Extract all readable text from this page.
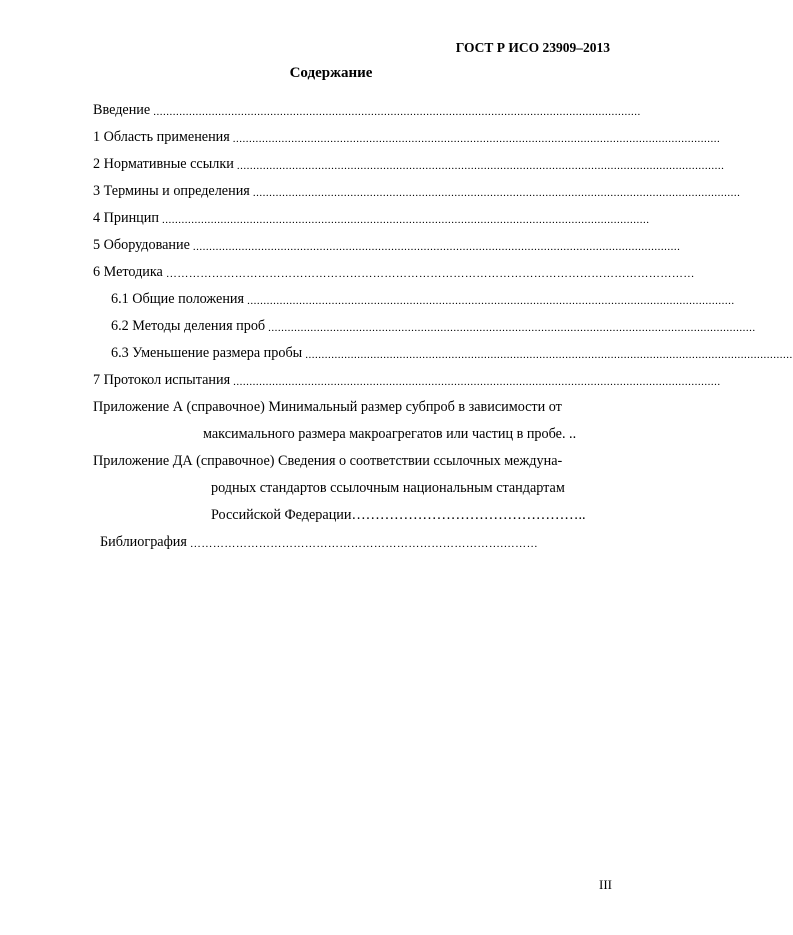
ГОСТ Р ИСО 23909–2013
Содержание
Введение ......................................................................................................................................................
1 Область применения ......................................................................................................................................................
2 Нормативные ссылки ......................................................................................................................................................
3 Термины и определения ......................................................................................................................................................
4 Принцип ......................................................................................................................................................
5 Оборудование ......................................................................................................................................................
6 Методика …………………………………………………………………………………………………………………………
6.1 Общие положения ......................................................................................................................................................
6.2 Методы деления проб ......................................................................................................................................................
6.3 Уменьшение размера пробы ......................................................................................................................................................
7 Протокол испытания ......................................................................................................................................................
Приложение А (справочное) Минимальный размер субпроб в зависимости от
максимального размера макроагрегатов или частиц в пробе. ..
Приложение ДА (справочное) Сведения о соответствии ссылочных междуна-
родных стандартов ссылочным национальным стандартам
Российской Федерации …………………………………………..
Библиография ……………………………………………………………………….………
III
